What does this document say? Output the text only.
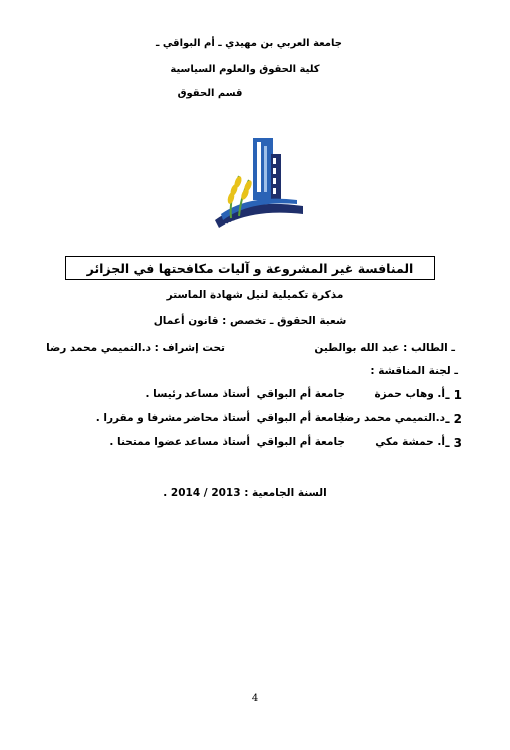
جامعة العربي بن مهيدي ـ أم البواقي ـ
كلية الحقوق والعلوم السياسية
قسم الحقوق
المنافسة غير المشروعة و آليات مكافحتها في الجزائر
مذكرة تكميلية لنيل شهادة الماستر
شعبة الحقوق ـ تخصص : قانون أعمال
ـ الطالب : عبد الله بوالطين
تحت إشراف : د.التميمي محمد رضا
ـ لجنة المناقشة :
1 ـ
أ. وهاب حمزة
جامعة أم البواقي
أستاذ مساعد
رئيسا .
2 ـ
د.التميمي محمد رضا
جامعة أم البواقي
أستاذ محاضر
مشرفا و مقررا .
3 ـ
أ. حمشة مكي
جامعة أم البواقي
أستاذ مساعد
عضوا ممتحنا .
السنة الجامعية : 2013 / 2014 .
4
